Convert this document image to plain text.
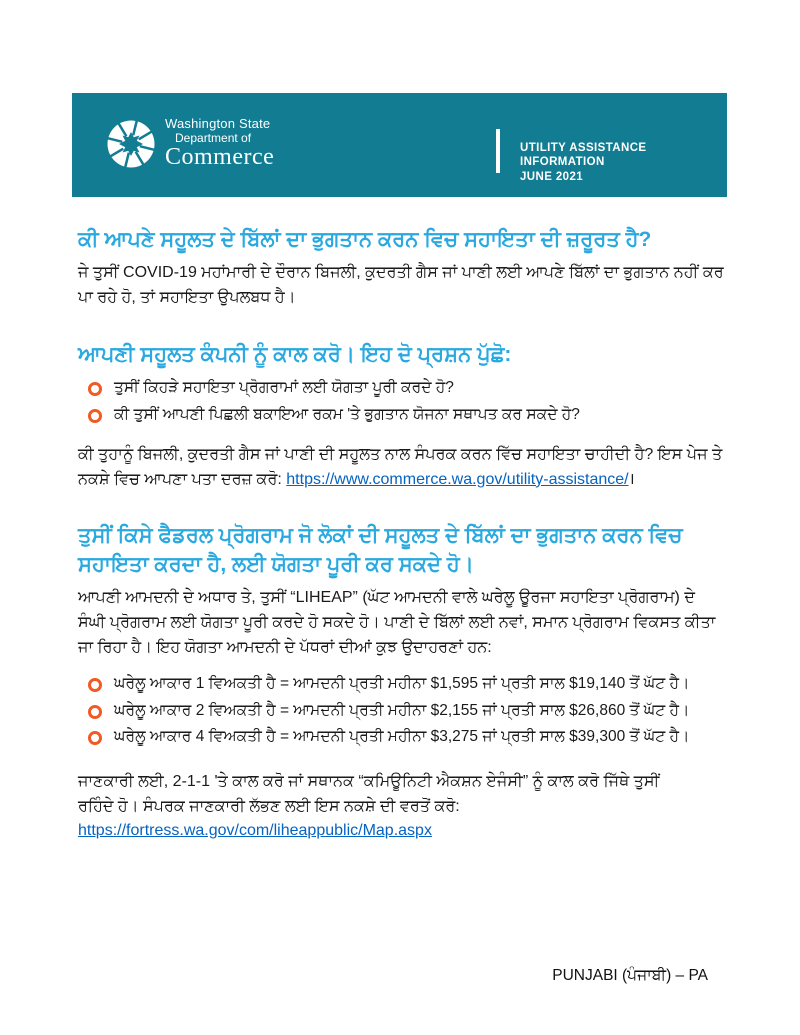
Washington State
Department of
Commerce	UTILITY ASSISTANCE INFORMATION
JUNE 2021
ਕੀ ਆਪਣੇ ਸਹੂਲਤ ਦੇ ਬਿੱਲਾਂ ਦਾ ਭੁਗਤਾਨ ਕਰਨ ਵਿਚ ਸਹਾਇਤਾ ਦੀ ਜ਼ਰੂਰਤ ਹੈ?

ਜੇ ਤੁਸੀਂ COVID-19 ਮਹਾਂਮਾਰੀ ਦੇ ਦੌਰਾਨ ਬਿਜਲੀ, ਕੁਦਰਤੀ ਗੈਸ ਜਾਂ ਪਾਣੀ ਲਈ ਆਪਣੇ ਬਿੱਲਾਂ ਦਾ ਭੁਗਤਾਨ ਨਹੀਂ ਕਰ ਪਾ ਰਹੇ ਹੋ, ਤਾਂ ਸਹਾਇਤਾ ਉਪਲਬਧ ਹੈ।

ਆਪਣੀ ਸਹੂਲਤ ਕੰਪਨੀ ਨੂੰ ਕਾਲ ਕਰੋ। ਇਹ ਦੋ ਪ੍ਰਸ਼ਨ ਪੁੱਛੋ:
ਤੁਸੀਂ ਕਿਹੜੇ ਸਹਾਇਤਾ ਪ੍ਰੋਗਰਾਮਾਂ ਲਈ ਯੋਗਤਾ ਪੂਰੀ ਕਰਦੇ ਹੋ?
ਕੀ ਤੁਸੀਂ ਆਪਣੀ ਪਿਛਲੀ ਬਕਾਇਆ ਰਕਮ 'ਤੇ ਭੁਗਤਾਨ ਯੋਜਨਾ ਸਥਾਪਤ ਕਰ ਸਕਦੇ ਹੋ?

ਕੀ ਤੁਹਾਨੂੰ ਬਿਜਲੀ, ਕੁਦਰਤੀ ਗੈਸ ਜਾਂ ਪਾਣੀ ਦੀ ਸਹੂਲਤ ਨਾਲ ਸੰਪਰਕ ਕਰਨ ਵਿੱਚ ਸਹਾਇਤਾ ਚਾਹੀਦੀ ਹੈ? ਇਸ ਪੇਜ ਤੇ ਨਕਸ਼ੇ ਵਿਚ ਆਪਣਾ ਪਤਾ ਦਰਜ਼ ਕਰੋ: https://www.commerce.wa.gov/utility-assistance/।

ਤੁਸੀਂ ਕਿਸੇ ਫੈਡਰਲ ਪ੍ਰੋਗਰਾਮ ਜੋ ਲੋਕਾਂ ਦੀ ਸਹੂਲਤ ਦੇ ਬਿੱਲਾਂ ਦਾ ਭੁਗਤਾਨ ਕਰਨ ਵਿਚ ਸਹਾਇਤਾ ਕਰਦਾ ਹੈ, ਲਈ ਯੋਗਤਾ ਪੂਰੀ ਕਰ ਸਕਦੇ ਹੋ।

ਆਪਣੀ ਆਮਦਨੀ ਦੇ ਅਧਾਰ ਤੇ, ਤੁਸੀਂ “LIHEAP” (ਘੱਟ ਆਮਦਨੀ ਵਾਲੇ ਘਰੇਲੂ ਊਰਜਾ ਸਹਾਇਤਾ ਪ੍ਰੋਗਰਾਮ) ਦੇ ਸੰਘੀ ਪ੍ਰੋਗਰਾਮ ਲਈ ਯੋਗਤਾ ਪੂਰੀ ਕਰਦੇ ਹੋ ਸਕਦੇ ਹੋ। ਪਾਣੀ ਦੇ ਬਿੱਲਾਂ ਲਈ ਨਵਾਂ, ਸਮਾਨ ਪ੍ਰੋਗਰਾਮ ਵਿਕਸਤ ਕੀਤਾ ਜਾ ਰਿਹਾ ਹੈ। ਇਹ ਯੋਗਤਾ ਆਮਦਨੀ ਦੇ ਪੱਧਰਾਂ ਦੀਆਂ ਕੁਝ ਉਦਾਹਰਣਾਂ ਹਨ:

ਘਰੇਲੂ ਆਕਾਰ 1 ਵਿਅਕਤੀ ਹੈ = ਆਮਦਨੀ ਪ੍ਰਤੀ ਮਹੀਨਾ $1,595 ਜਾਂ ਪ੍ਰਤੀ ਸਾਲ $19,140 ਤੋਂ ਘੱਟ ਹੈ।
ਘਰੇਲੂ ਆਕਾਰ 2 ਵਿਅਕਤੀ ਹੈ = ਆਮਦਨੀ ਪ੍ਰਤੀ ਮਹੀਨਾ $2,155 ਜਾਂ ਪ੍ਰਤੀ ਸਾਲ $26,860 ਤੋਂ ਘੱਟ ਹੈ।
ਘਰੇਲੂ ਆਕਾਰ 4 ਵਿਅਕਤੀ ਹੈ = ਆਮਦਨੀ ਪ੍ਰਤੀ ਮਹੀਨਾ $3,275 ਜਾਂ ਪ੍ਰਤੀ ਸਾਲ $39,300 ਤੋਂ ਘੱਟ ਹੈ।

ਜਾਣਕਾਰੀ ਲਈ, 2-1-1 'ਤੇ ਕਾਲ ਕਰੋ ਜਾਂ ਸਥਾਨਕ “ਕਮਿਊਨਿਟੀ ਐਕਸ਼ਨ ਏਜੰਸੀ” ਨੂੰ ਕਾਲ ਕਰੋ ਜਿੱਥੇ ਤੁਸੀਂ ਰਹਿੰਦੇ ਹੋ। ਸੰਪਰਕ ਜਾਣਕਾਰੀ ਲੱਭਣ ਲਈ ਇਸ ਨਕਸ਼ੇ ਦੀ ਵਰਤੋਂ ਕਰੋ:

https://fortress.wa.gov/com/liheappublic/Map.aspx
PUNJABI (ਪੰਜਾਬੀ) – PA
